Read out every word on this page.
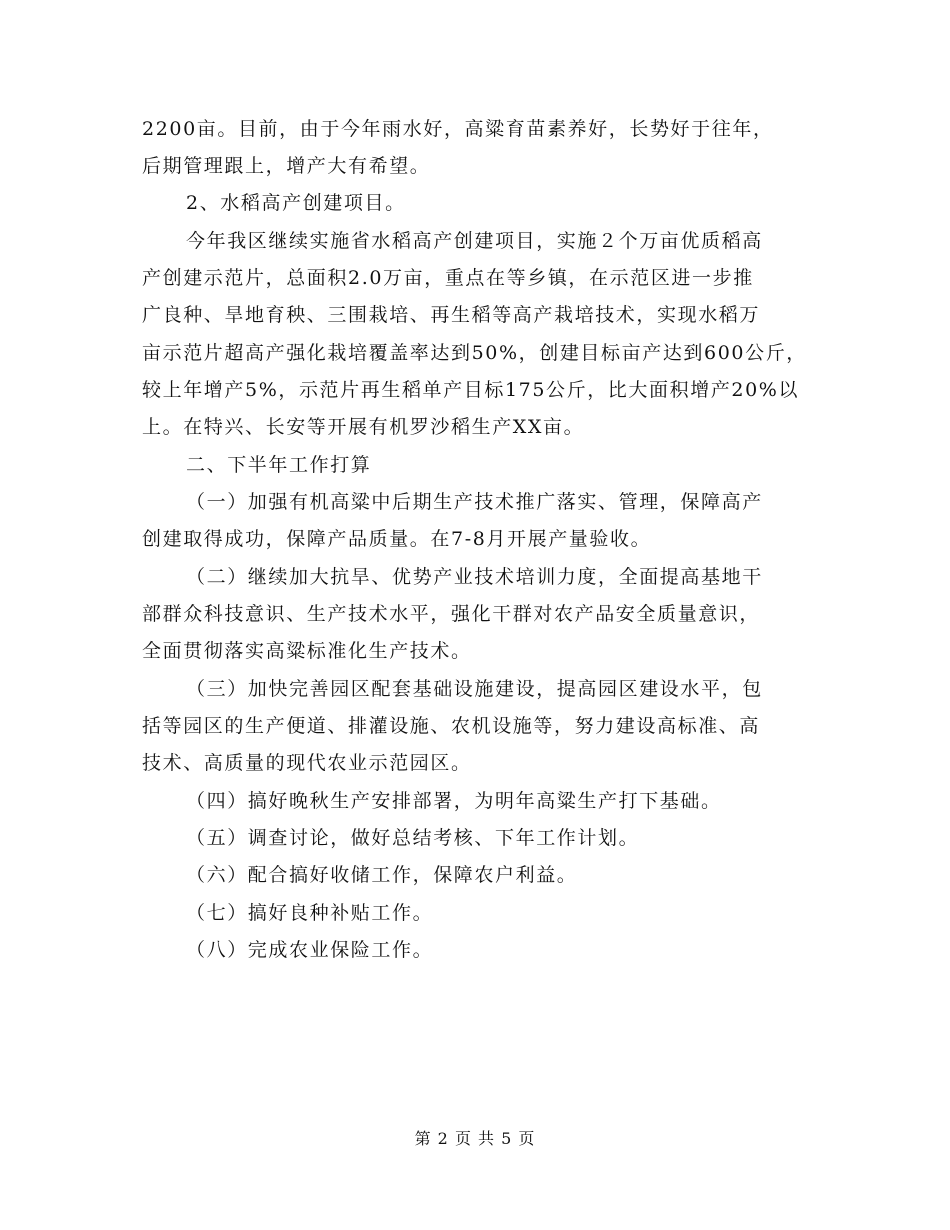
2200亩。目前，由于今年雨水好，高粱育苗素养好，长势好于往年，
后期管理跟上，增产大有希望。
2、水稻高产创建项目。
今年我区继续实施省水稻高产创建项目，实施２个万亩优质稻高
产创建示范片，总面积2.0万亩，重点在等乡镇，在示范区进一步推
广良种、旱地育秧、三围栽培、再生稻等高产栽培技术，实现水稻万
亩示范片超高产强化栽培覆盖率达到50%，创建目标亩产达到600公斤，
较上年增产5%，示范片再生稻单产目标175公斤，比大面积增产20%以
上。在特兴、长安等开展有机罗沙稻生产XX亩。
二、下半年工作打算
（一）加强有机高粱中后期生产技术推广落实、管理，保障高产
创建取得成功，保障产品质量。在7-8月开展产量验收。
（二）继续加大抗旱、优势产业技术培训力度，全面提高基地干
部群众科技意识、生产技术水平，强化干群对农产品安全质量意识，
全面贯彻落实高粱标准化生产技术。
（三）加快完善园区配套基础设施建设，提高园区建设水平，包
括等园区的生产便道、排灌设施、农机设施等，努力建设高标准、高
技术、高质量的现代农业示范园区。
（四）搞好晚秋生产安排部署，为明年高粱生产打下基础。
（五）调查讨论，做好总结考核、下年工作计划。
（六）配合搞好收储工作，保障农户利益。
（七）搞好良种补贴工作。
（八）完成农业保险工作。
第 2 页 共 5 页
